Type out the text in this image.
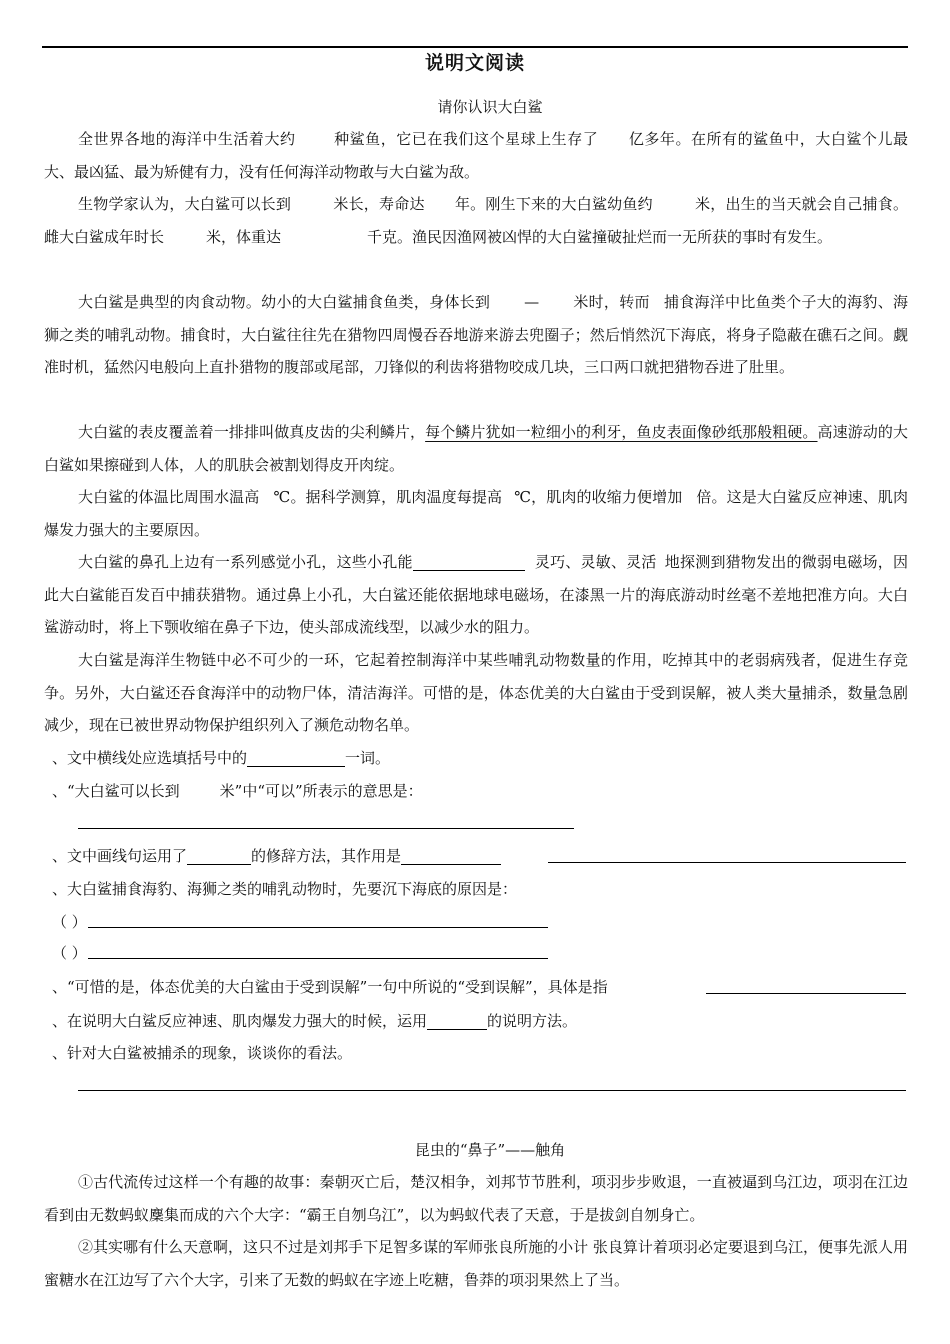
说明文阅读
请你认识大白鲨

全世界各地的海洋中生活着大约	种鲨鱼，它已在我们这个星球上生存了 亿多年。在所有的鲨鱼中，大白鲨个儿最大、最凶猛、最为矫健有力，没有任何海洋动物敢与大白鲨为敌。

生物学家认为，大白鲨可以长到	米长，寿命达 年。刚生下来的大白鲨幼鱼约	米，出生的当天就会自己捕食。雌大白鲨成年时长	米，体重达	千克。渔民因渔网被凶悍的大白鲨撞破扯烂而一无所获的事时有发生。

大白鲨是典型的肉食动物。幼小的大白鲨捕食鱼类，身体长到 — 米时，转而 捕食海洋中比鱼类个子大的海豹、海狮之类的哺乳动物。捕食时，大白鲨往往先在猎物四周慢吞吞地游来游去兜圈子；然后悄然沉下海底，将身子隐蔽在礁石之间。觑准时机，猛然闪电般向上直扑猎物的腹部或尾部，刀锋似的利齿将猎物咬成几块，三口两口就把猎物吞进了肚里。

大白鲨的表皮覆盖着一排排叫做真皮齿的尖利鳞片，每个鳞片犹如一粒细小的利牙，鱼皮表面像砂纸那般粗硬。高速游动的大白鲨如果擦碰到人体，人的肌肤会被割划得皮开肉绽。

大白鲨的体温比周围水温高 ℃。据科学测算，肌肉温度每提高 ℃，肌肉的收缩力便增加 倍。这是大白鲨反应神速、肌肉爆发力强大的主要原因。

大白鲨的鼻孔上边有一系列感觉小孔，这些小孔能	灵巧、灵敏、灵活 地探测到猎物发出的微弱电磁场，因此大白鲨能百发百中捕获猎物。通过鼻上小孔，大白鲨还能依据地球电磁场，在漆黑一片的海底游动时丝毫不差地把准方向。大白鲨游动时，将上下颚收缩在鼻子下边，使头部成流线型，以减少水的阻力。

大白鲨是海洋生物链中必不可少的一环，它起着控制海洋中某些哺乳动物数量的作用，吃掉其中的老弱病残者，促进生存竞争。另外，大白鲨还吞食海洋中的动物尸体，清洁海洋。可惜的是，体态优美的大白鲨由于受到误解，被人类大量捕杀，数量急剧减少，现在已被世界动物保护组织列入了濒危动物名单。

、文中横线处应选填括号中的	一词。
、“大白鲨可以长到	米”中“可以”所表示的意思是：
、文中画线句运用了	的修辞方法，其作用是
、大白鲨捕食海豹、海狮之类的哺乳动物时，先要沉下海底的原因是：
（ ）
（ ）
、“可惜的是，体态优美的大白鲨由于受到误解”一句中所说的“受到误解”，具体是指
、在说明大白鲨反应神速、肌肉爆发力强大的时候，运用	的说明方法。
、针对大白鲨被捕杀的现象，谈谈你的看法。
昆虫的“鼻子”——触角

①古代流传过这样一个有趣的故事：秦朝灭亡后，楚汉相争，刘邦节节胜利，项羽步步败退，一直被逼到乌江边，项羽在江边看到由无数蚂蚁麇集而成的六个大字：“霸王自刎乌江”，以为蚂蚁代表了天意，于是拔剑自刎身亡。

②其实哪有什么天意啊，这只不过是刘邦手下足智多谋的军师张良所施的小计 张良算计着项羽必定要退到乌江，便事先派人用蜜糖水在江边写了六个大字，引来了无数的蚂蚁在字迹上吃糖，鲁莽的项羽果然上了当。
